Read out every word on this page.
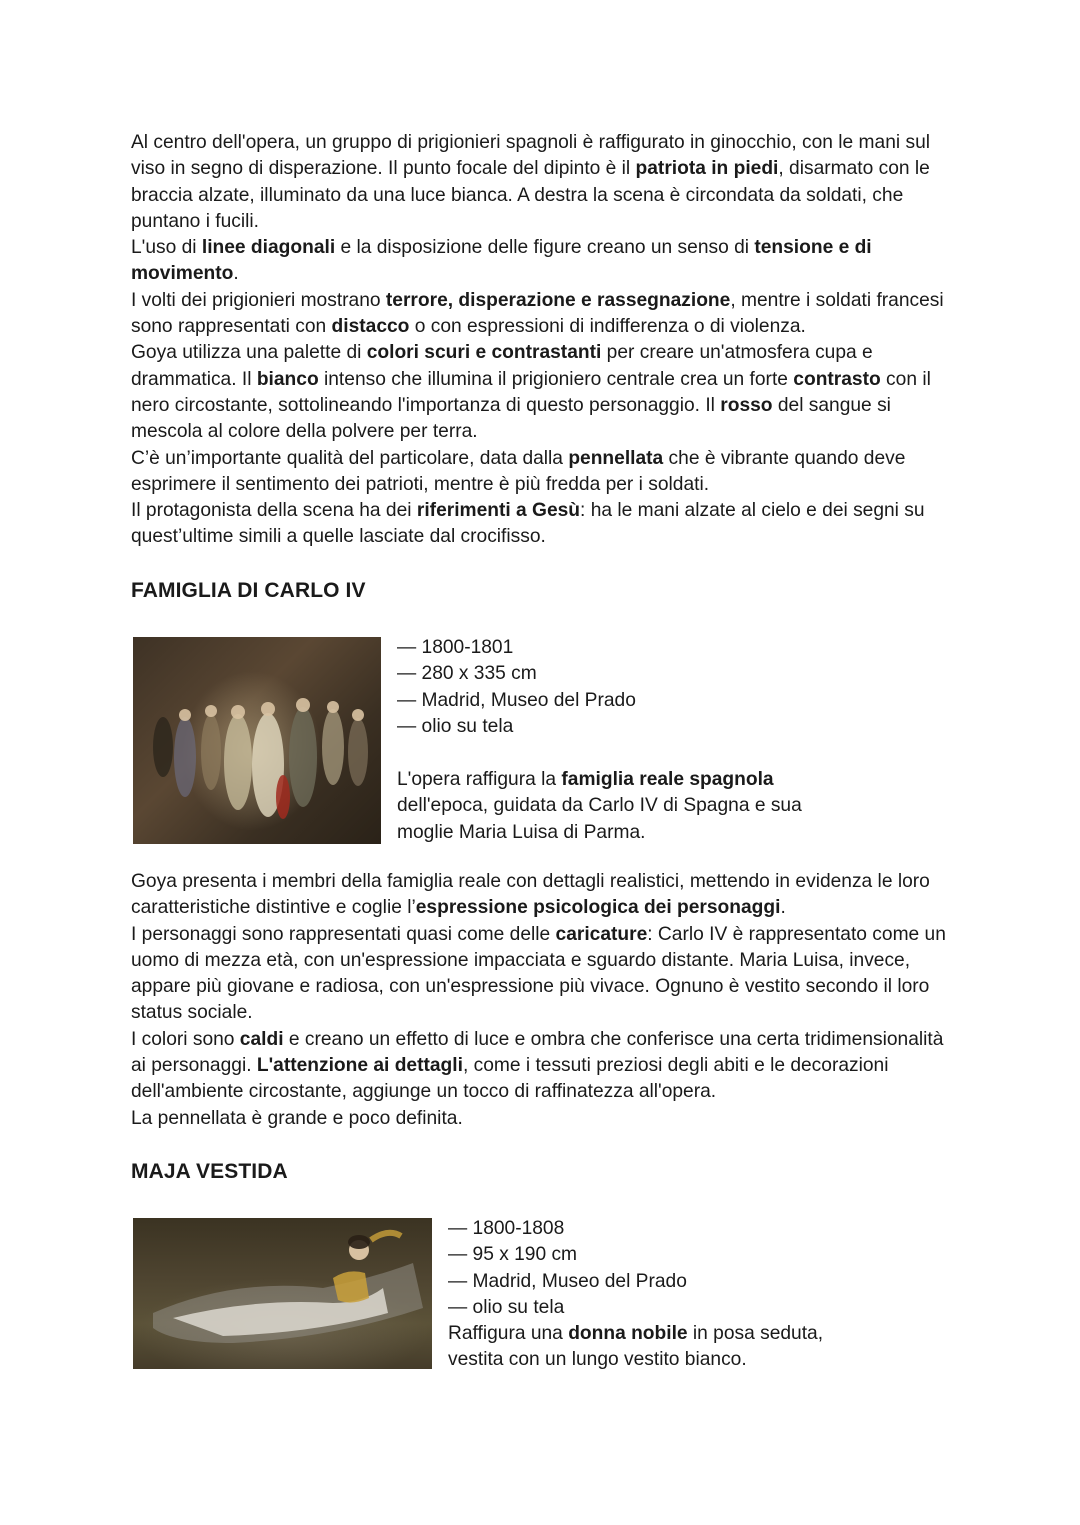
Al centro dell'opera, un gruppo di prigionieri spagnoli è raffigurato in ginocchio, con le mani sul viso in segno di disperazione. Il punto focale del dipinto è il patriota in piedi, disarmato con le braccia alzate, illuminato da una luce bianca. A destra la scena è circondata da soldati, che puntano i fucili.

L'uso di linee diagonali e la disposizione delle figure creano un senso di tensione e di movimento.

I volti dei prigionieri mostrano terrore, disperazione e rassegnazione, mentre i soldati francesi sono rappresentati con distacco o con espressioni di indifferenza o di violenza.

Goya utilizza una palette di colori scuri e contrastanti per creare un'atmosfera cupa e drammatica. Il bianco intenso che illumina il prigioniero centrale crea un forte contrasto con il nero circostante, sottolineando l'importanza di questo personaggio. Il rosso del sangue si mescola al colore della polvere per terra.

C’è un’importante qualità del particolare, data dalla pennellata che è vibrante quando deve esprimere il sentimento dei patrioti, mentre è più fredda per i soldati.

Il protagonista della scena ha dei riferimenti a Gesù: ha le mani alzate al cielo e dei segni su quest’ultime simili a quelle lasciate dal crocifisso.

FAMIGLIA DI CARLO IV
— 1800-1801
— 280 x 335 cm
— Madrid, Museo del Prado
— olio su tela

L'opera raffigura la famiglia reale spagnola dell'epoca, guidata da Carlo IV di Spagna e sua moglie Maria Luisa di Parma.

Goya presenta i membri della famiglia reale con dettagli realistici, mettendo in evidenza le loro caratteristiche distintive e coglie l’espressione psicologica dei personaggi.

I personaggi sono rappresentati quasi come delle caricature: Carlo IV è rappresentato come un uomo di mezza età, con un'espressione impacciata e sguardo distante. Maria Luisa, invece, appare più giovane e radiosa, con un'espressione più vivace. Ognuno è vestito secondo il loro status sociale.

I colori sono caldi e creano un effetto di luce e ombra che conferisce una certa tridimensionalità ai personaggi. L'attenzione ai dettagli, come i tessuti preziosi degli abiti e le decorazioni dell'ambiente circostante, aggiunge un tocco di raffinatezza all'opera.

La pennellata è grande e poco definita.

MAJA VESTIDA
— 1800-1808
— 95 x 190 cm
— Madrid, Museo del Prado
— olio su tela
Raffigura una donna nobile in posa seduta,
vestita con un lungo vestito bianco.
